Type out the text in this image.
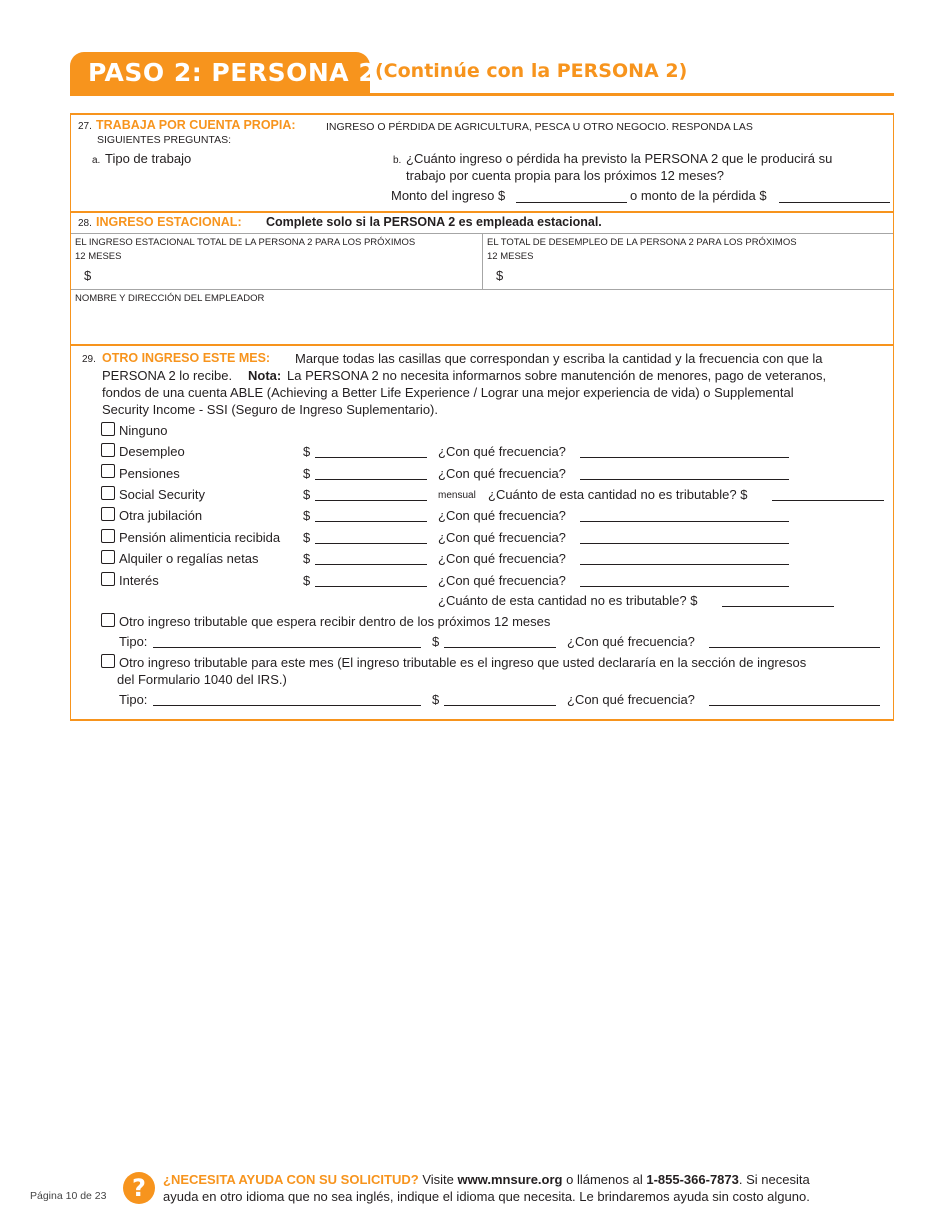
PASO 2: PERSONA 2
(Continúe con la PERSONA 2)
27. TRABAJA POR CUENTA PROPIA:	INGRESO O PÉRDIDA DE AGRICULTURA, PESCA U OTRO NEGOCIO. RESPONDA LAS
SIGUIENTES PREGUNTAS:
a. Tipo de trabajo	b. ¿Cuánto ingreso o pérdida ha previsto la PERSONA 2 que le producirá su
trabajo por cuenta propia para los próximos 12 meses?
Monto del ingreso $	o monto de la pérdida $
28. INGRESO ESTACIONAL: Complete solo si la PERSONA 2 es empleada estacional.
EL INGRESO ESTACIONAL TOTAL DE LA PERSONA 2 PARA LOS PRÓXIMOS
12 MESES
$
EL TOTAL DE DESEMPLEO DE LA PERSONA 2 PARA LOS PRÓXIMOS
12 MESES
$
NOMBRE Y DIRECCIÓN DEL EMPLEADOR
29. OTRO INGRESO ESTE MES: Marque todas las casillas que correspondan y escriba la cantidad y la frecuencia con que la
PERSONA 2 lo recibe. Nota: La PERSONA 2 no necesita informarnos sobre manutención de menores, pago de veteranos,
fondos de una cuenta ABLE (Achieving a Better Life Experience / Lograr una mejor experiencia de vida) o Supplemental
Security Income - SSI (Seguro de Ingreso Suplementario).
Ninguno
Desempleo	$	¿Con qué frecuencia?
Pensiones	$	¿Con qué frecuencia?
Social Security	$	mensual ¿Cuánto de esta cantidad no es tributable? $
Otra jubilación	$	¿Con qué frecuencia?
Pensión alimenticia recibida $	¿Con qué frecuencia?
Alquiler o regalías netas	$	¿Con qué frecuencia?
Interés	$	¿Con qué frecuencia?
¿Cuánto de esta cantidad no es tributable? $
Otro ingreso tributable que espera recibir dentro de los próximos 12 meses
Tipo:	$	¿Con qué frecuencia?
Otro ingreso tributable para este mes (El ingreso tributable es el ingreso que usted declararía en la sección de ingresos
del Formulario 1040 del IRS.)
Tipo:	$	¿Con qué frecuencia?
Página 10 de 23	?	¿NECESITA AYUDA CON SU SOLICITUD? Visite www.mnsure.org o llámenos al 1-855-366-7873. Si necesita
ayuda en otro idioma que no sea inglés, indique el idioma que necesita. Le brindaremos ayuda sin costo alguno.
